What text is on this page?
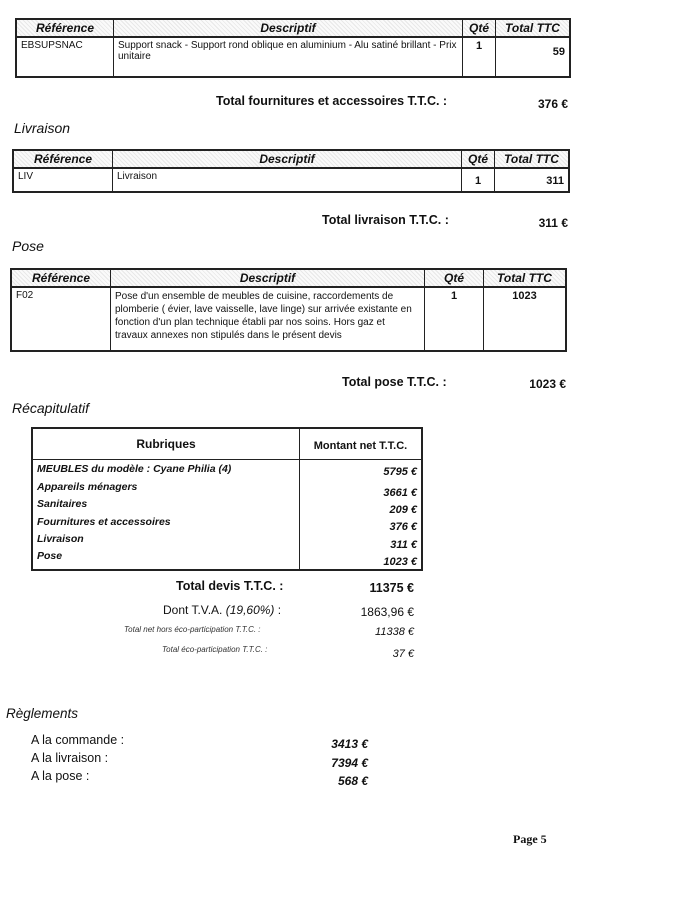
Référence	Descriptif	Qté	Total TTC
EBSUPSNAC	Support snack - Support rond oblique en aluminium - Alu satiné brillant - Prix unitaire	1	59
Total fournitures et accessoires T.T.C. :	376 €
Livraison
Référence	Descriptif	Qté	Total TTC
LIV	Livraison	1	311
Total livraison T.T.C. :	311 €
Pose
Référence	Descriptif	Qté	Total TTC
F02	Pose d'un ensemble de meubles de cuisine, raccordements de plomberie ( évier, lave vaisselle, lave linge) sur arrivée existante en fonction d'un plan technique établi par nos soins. Hors gaz et travaux annexes non stipulés dans le présent devis	1	1023
Total pose T.T.C. :	1023 €
Récapitulatif
Rubriques	Montant net T.T.C.
MEUBLES du modèle : Cyane Philia (4)	5795 €
Appareils ménagers	3661 €
Sanitaires	209 €
Fournitures et accessoires	376 €
Livraison	311 €
Pose	1023 €
Total devis T.T.C. :	11375 €
Dont T.V.A. (19,60%) :	1863,96 €
Total net hors éco-participation T.T.C. :	11338 €
Total éco-participation T.T.C. :	37 €
Règlements
A la commande :	3413 €
A la livraison :	7394 €
A la pose :	568 €
Page 5
